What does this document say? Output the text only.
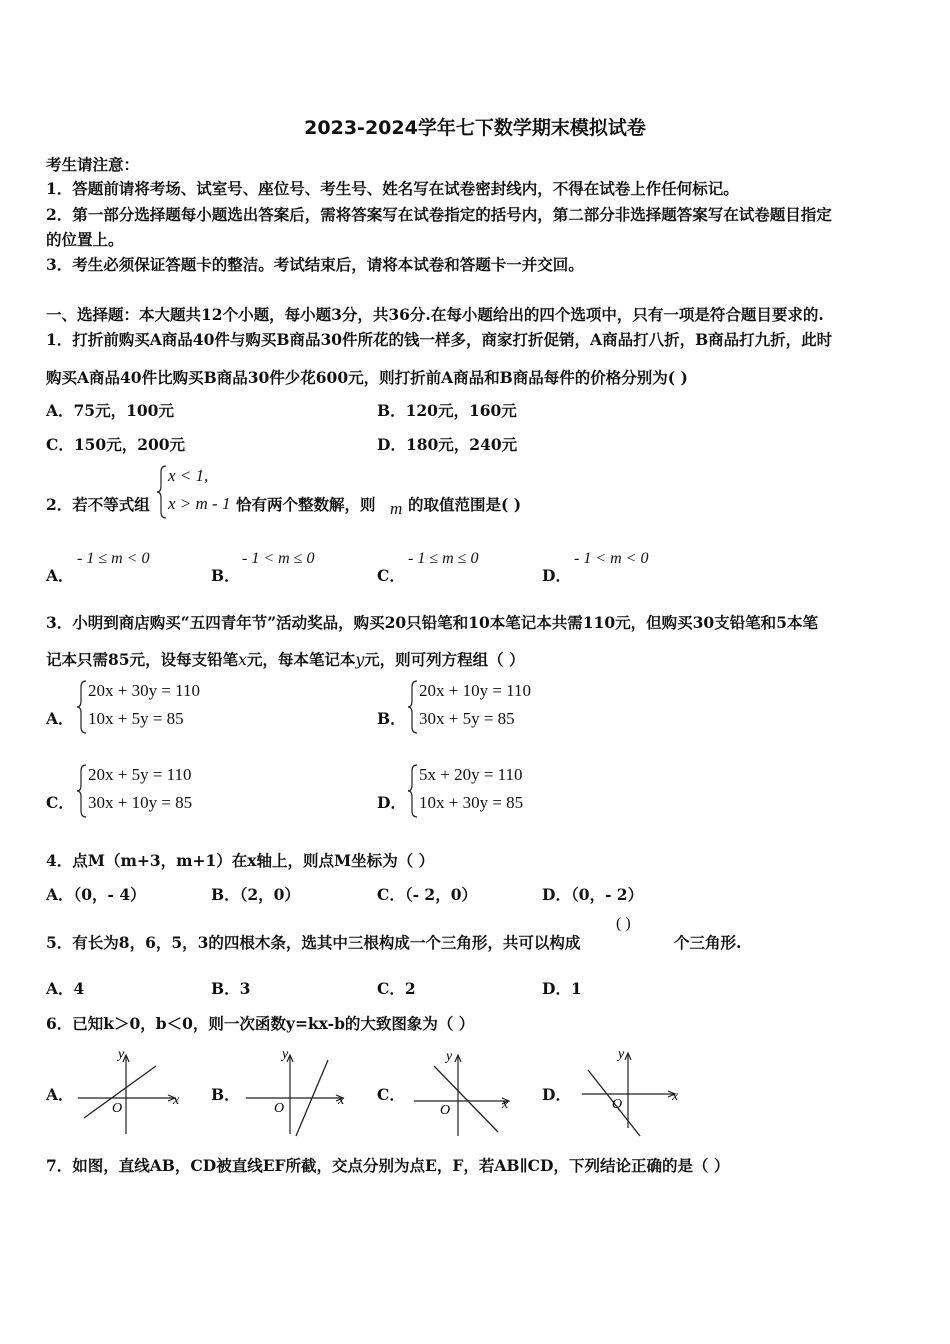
2023-2024学年七下数学期末模拟试卷
考生请注意：
1．答题前请将考场、试室号、座位号、考生号、姓名写在试卷密封线内，不得在试卷上作任何标记。
2．第一部分选择题每小题选出答案后，需将答案写在试卷指定的括号内，第二部分非选择题答案写在试卷题目指定
的位置上。
3．考生必须保证答题卡的整洁。考试结束后，请将本试卷和答题卡一并交回。
一、选择题：本大题共12个小题，每小题3分，共36分.在每小题给出的四个选项中，只有一项是符合题目要求的.
1．打折前购买A商品40件与购买B商品30件所花的钱一样多，商家打折促销，A商品打八折，B商品打九折，此时
购买A商品40件比购买B商品30件少花600元，则打折前A商品和B商品每件的价格分别为( )
A．75元，100元	B．120元，160元
C．150元，200元	D．180元，240元
2．若不等式组
x < 1,
x > m - 1 恰有两个整数解，则 m 的取值范围是( )
A．
- 1 ≤ m < 0
B．
- 1 < m ≤ 0
C．
- 1 ≤ m ≤ 0
D．
- 1 < m < 0
3．小明到商店购买“五四青年节”活动奖品，购买20只铅笔和10本笔记本共需110元，但购买30支铅笔和5本笔
记本只需85元，设每支铅笔x元，每本笔记本y元，则可列方程组（ ）
A．
20x + 30y = 110
10x + 5y = 85	B．
20x + 10y = 110
30x + 5y = 85
C．
20x + 5y = 110
30x + 10y = 85	D．
5x + 20y = 110
10x + 30y = 85
4．点M（m+3，m+1）在x轴上，则点M坐标为（ ）
A．（0，- 4）	B．（2，0）	C．（- 2，0）	D．（0，- 2）
5．有长为8，6，5，3的四根木条，选其中三根构成一个三角形，共可以构成
( )
个三角形.
A．4	B．3	C．2	D．1
6．已知k＞0，b＜0，则一次函数y=kx-b的大致图象为（ ）
A．
y
x
O
B．
y
x
O
C．
y
x
O
D．
y
x
O
7．如图，直线AB，CD被直线EF所截，交点分别为点E，F，若AB∥CD，下列结论正确的是（ ）
